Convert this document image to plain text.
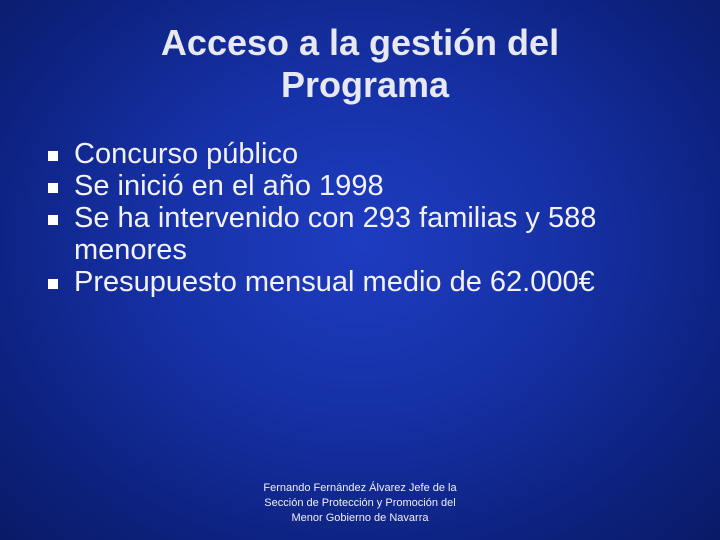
Acceso a la gestión del
Programa
Concurso público
Se inició en el año 1998
Se ha intervenido con 293 familias y 588 menores
Presupuesto mensual medio de 62.000€
Fernando Fernández Álvarez Jefe de la
Sección de Protección y Promoción del
Menor Gobierno de Navarra
